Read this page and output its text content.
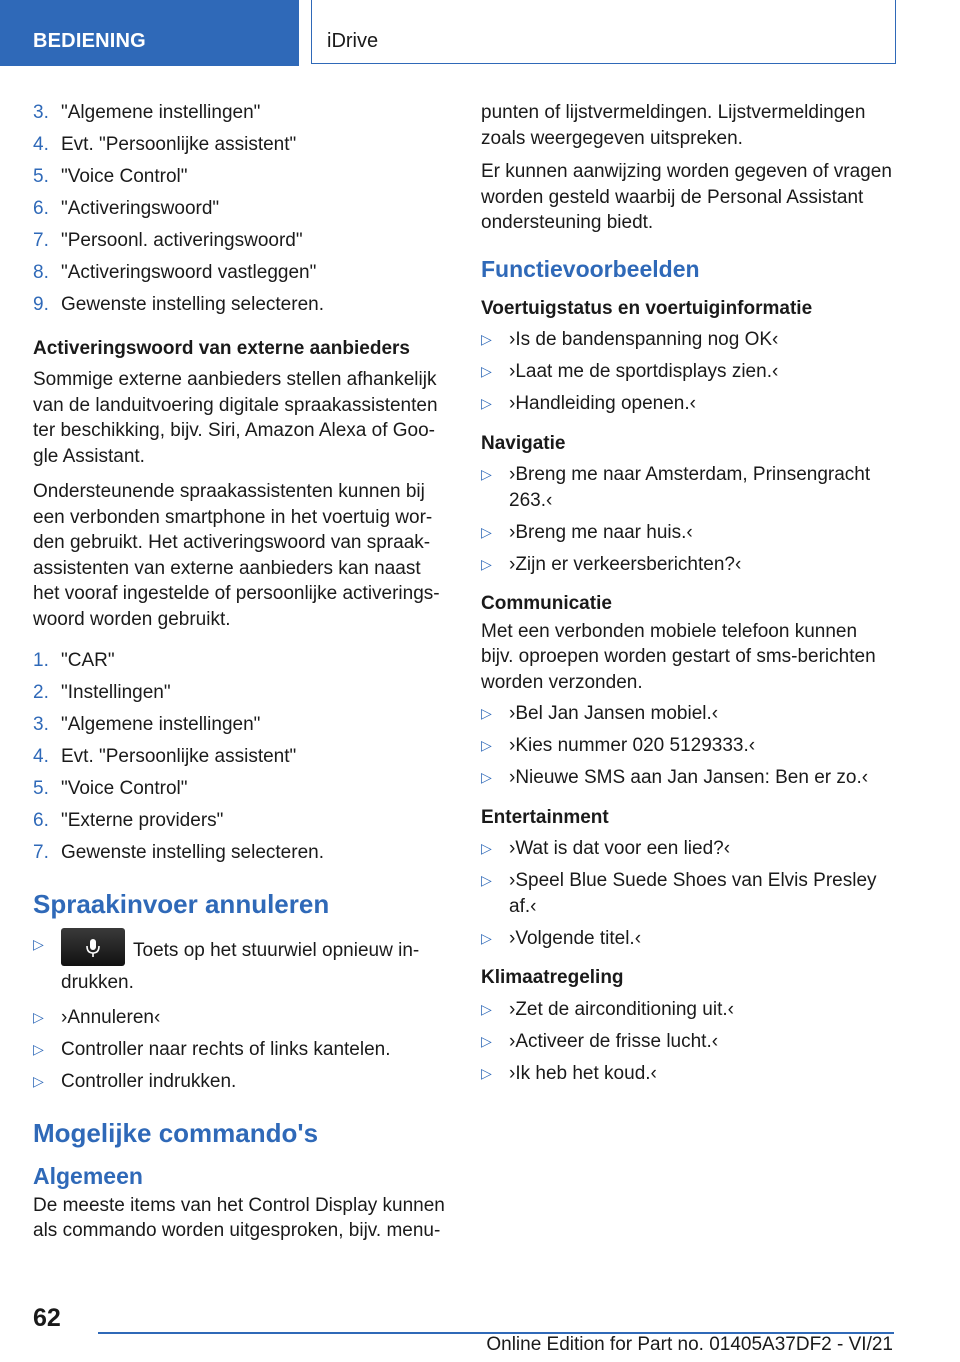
BEDIENING	iDrive
3. "Algemene instellingen"
4. Evt. "Persoonlijke assistent"
5. "Voice Control"
6. "Activeringswoord"
7. "Persoonl. activeringswoord"
8. "Activeringswoord vastleggen"
9. Gewenste instelling selecteren.
Activeringswoord van externe aanbieders

Sommige externe aanbieders stellen afhankelijk van de landuitvoering digitale spraakassistenten ter beschikking, bijv. Siri, Amazon Alexa of Goo-gle Assistant.

Ondersteunende spraakassistenten kunnen bij een verbonden smartphone in het voertuig wor-den gebruikt. Het activeringswoord van spraak-assistenten van externe aanbieders kan naast het vooraf ingestelde of persoonlijke activerings-woord worden gebruikt.

1. "CAR"
2. "Instellingen"
3. "Algemene instellingen"
4. Evt. "Persoonlijke assistent"
5. "Voice Control"
6. "Externe providers"
7. Gewenste instelling selecteren.
Spraakinvoer annuleren
▷	Toets op het stuurwiel opnieuw in-drukken.
▷ ›Annuleren‹
▷ Controller naar rechts of links kantelen.
▷ Controller indrukken.
Mogelijke commando's
Algemeen

De meeste items van het Control Display kunnen als commando worden uitgesproken, bijv. menu-

punten of lijstvermeldingen. Lijstvermeldingen zoals weergegeven uitspreken.

Er kunnen aanwijzing worden gegeven of vragen worden gesteld waarbij de Personal Assistant ondersteuning biedt.

Functievoorbeelden
Voertuigstatus en voertuiginformatie
▷ ›Is de bandenspanning nog OK‹
▷ ›Laat me de sportdisplays zien.‹
▷ ›Handleiding openen.‹
Navigatie
▷ ›Breng me naar Amsterdam, Prinsengracht 263.‹
▷ ›Breng me naar huis.‹
▷ ›Zijn er verkeersberichten?‹
Communicatie

Met een verbonden mobiele telefoon kunnen bijv. oproepen worden gestart of sms-berichten worden verzonden.

▷ ›Bel Jan Jansen mobiel.‹
▷ ›Kies nummer 020 5129333.‹
▷ ›Nieuwe SMS aan Jan Jansen: Ben er zo.‹
Entertainment
▷ ›Wat is dat voor een lied?‹
▷ ›Speel Blue Suede Shoes van Elvis Presley af.‹
▷ ›Volgende titel.‹
Klimaatregeling
▷ ›Zet de airconditioning uit.‹
▷ ›Activeer de frisse lucht.‹
▷ ›Ik heb het koud.‹
62
Online Edition for Part no. 01405A37DF2 - VI/21
